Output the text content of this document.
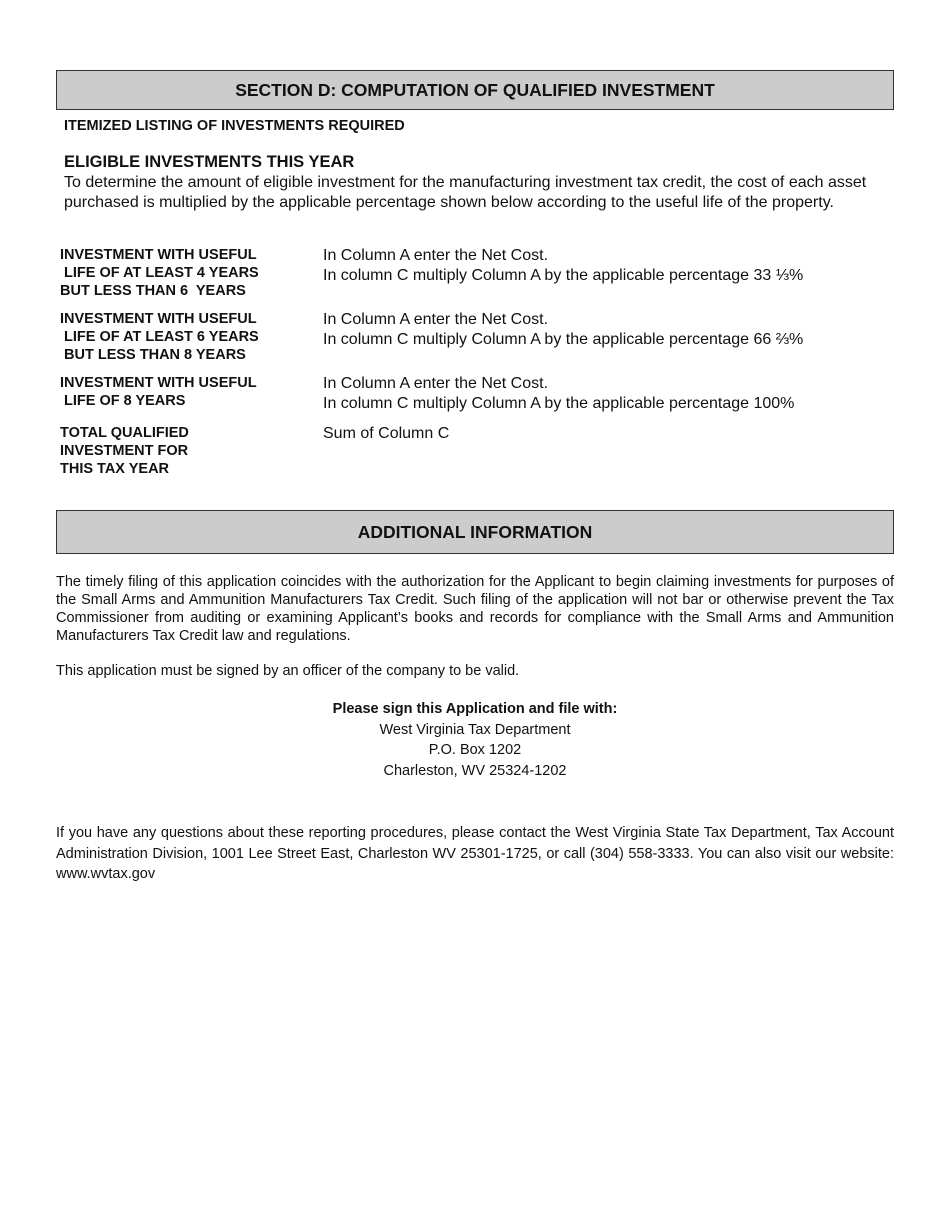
SECTION D: COMPUTATION OF QUALIFIED INVESTMENT
ITEMIZED LISTING OF INVESTMENTS REQUIRED
ELIGIBLE INVESTMENTS THIS YEAR
To determine the amount of eligible investment for the manufacturing investment tax credit, the cost of each asset purchased is multiplied by the applicable percentage shown below according to the useful life of the property.
INVESTMENT WITH USEFUL
LIFE OF AT LEAST 4 YEARS
BUT LESS THAN 6  YEARS
In Column A enter the Net Cost.
In column C multiply Column A by the applicable percentage 33 ⅓%
INVESTMENT WITH USEFUL
LIFE OF AT LEAST 6 YEARS
BUT LESS THAN 8 YEARS
In Column A enter the Net Cost.
In column C multiply Column A by the applicable percentage 66 ⅔%
INVESTMENT WITH USEFUL
LIFE OF 8 YEARS
In Column A enter the Net Cost.
In column C multiply Column A by the applicable percentage 100%
TOTAL QUALIFIED
INVESTMENT FOR
THIS TAX YEAR
Sum of Column C
ADDITIONAL INFORMATION
The timely filing of this application coincides with the authorization for the Applicant to begin claiming investments for purposes of the Small Arms and Ammunition Manufacturers Tax Credit. Such filing of the application will not bar or otherwise prevent the Tax Commissioner from auditing or examining Applicant’s books and records for compliance with the Small Arms and Ammunition Manufacturers Tax Credit law and regulations.
This application must be signed by an officer of the company to be valid.
Please sign this Application and file with:
West Virginia Tax Department
P.O. Box 1202
Charleston, WV 25324-1202
If you have any questions about these reporting procedures, please contact the West Virginia State Tax Department, Tax Account Administration Division, 1001 Lee Street East, Charleston WV 25301-1725, or call (304) 558-3333. You can also visit our website: www.wvtax.gov
